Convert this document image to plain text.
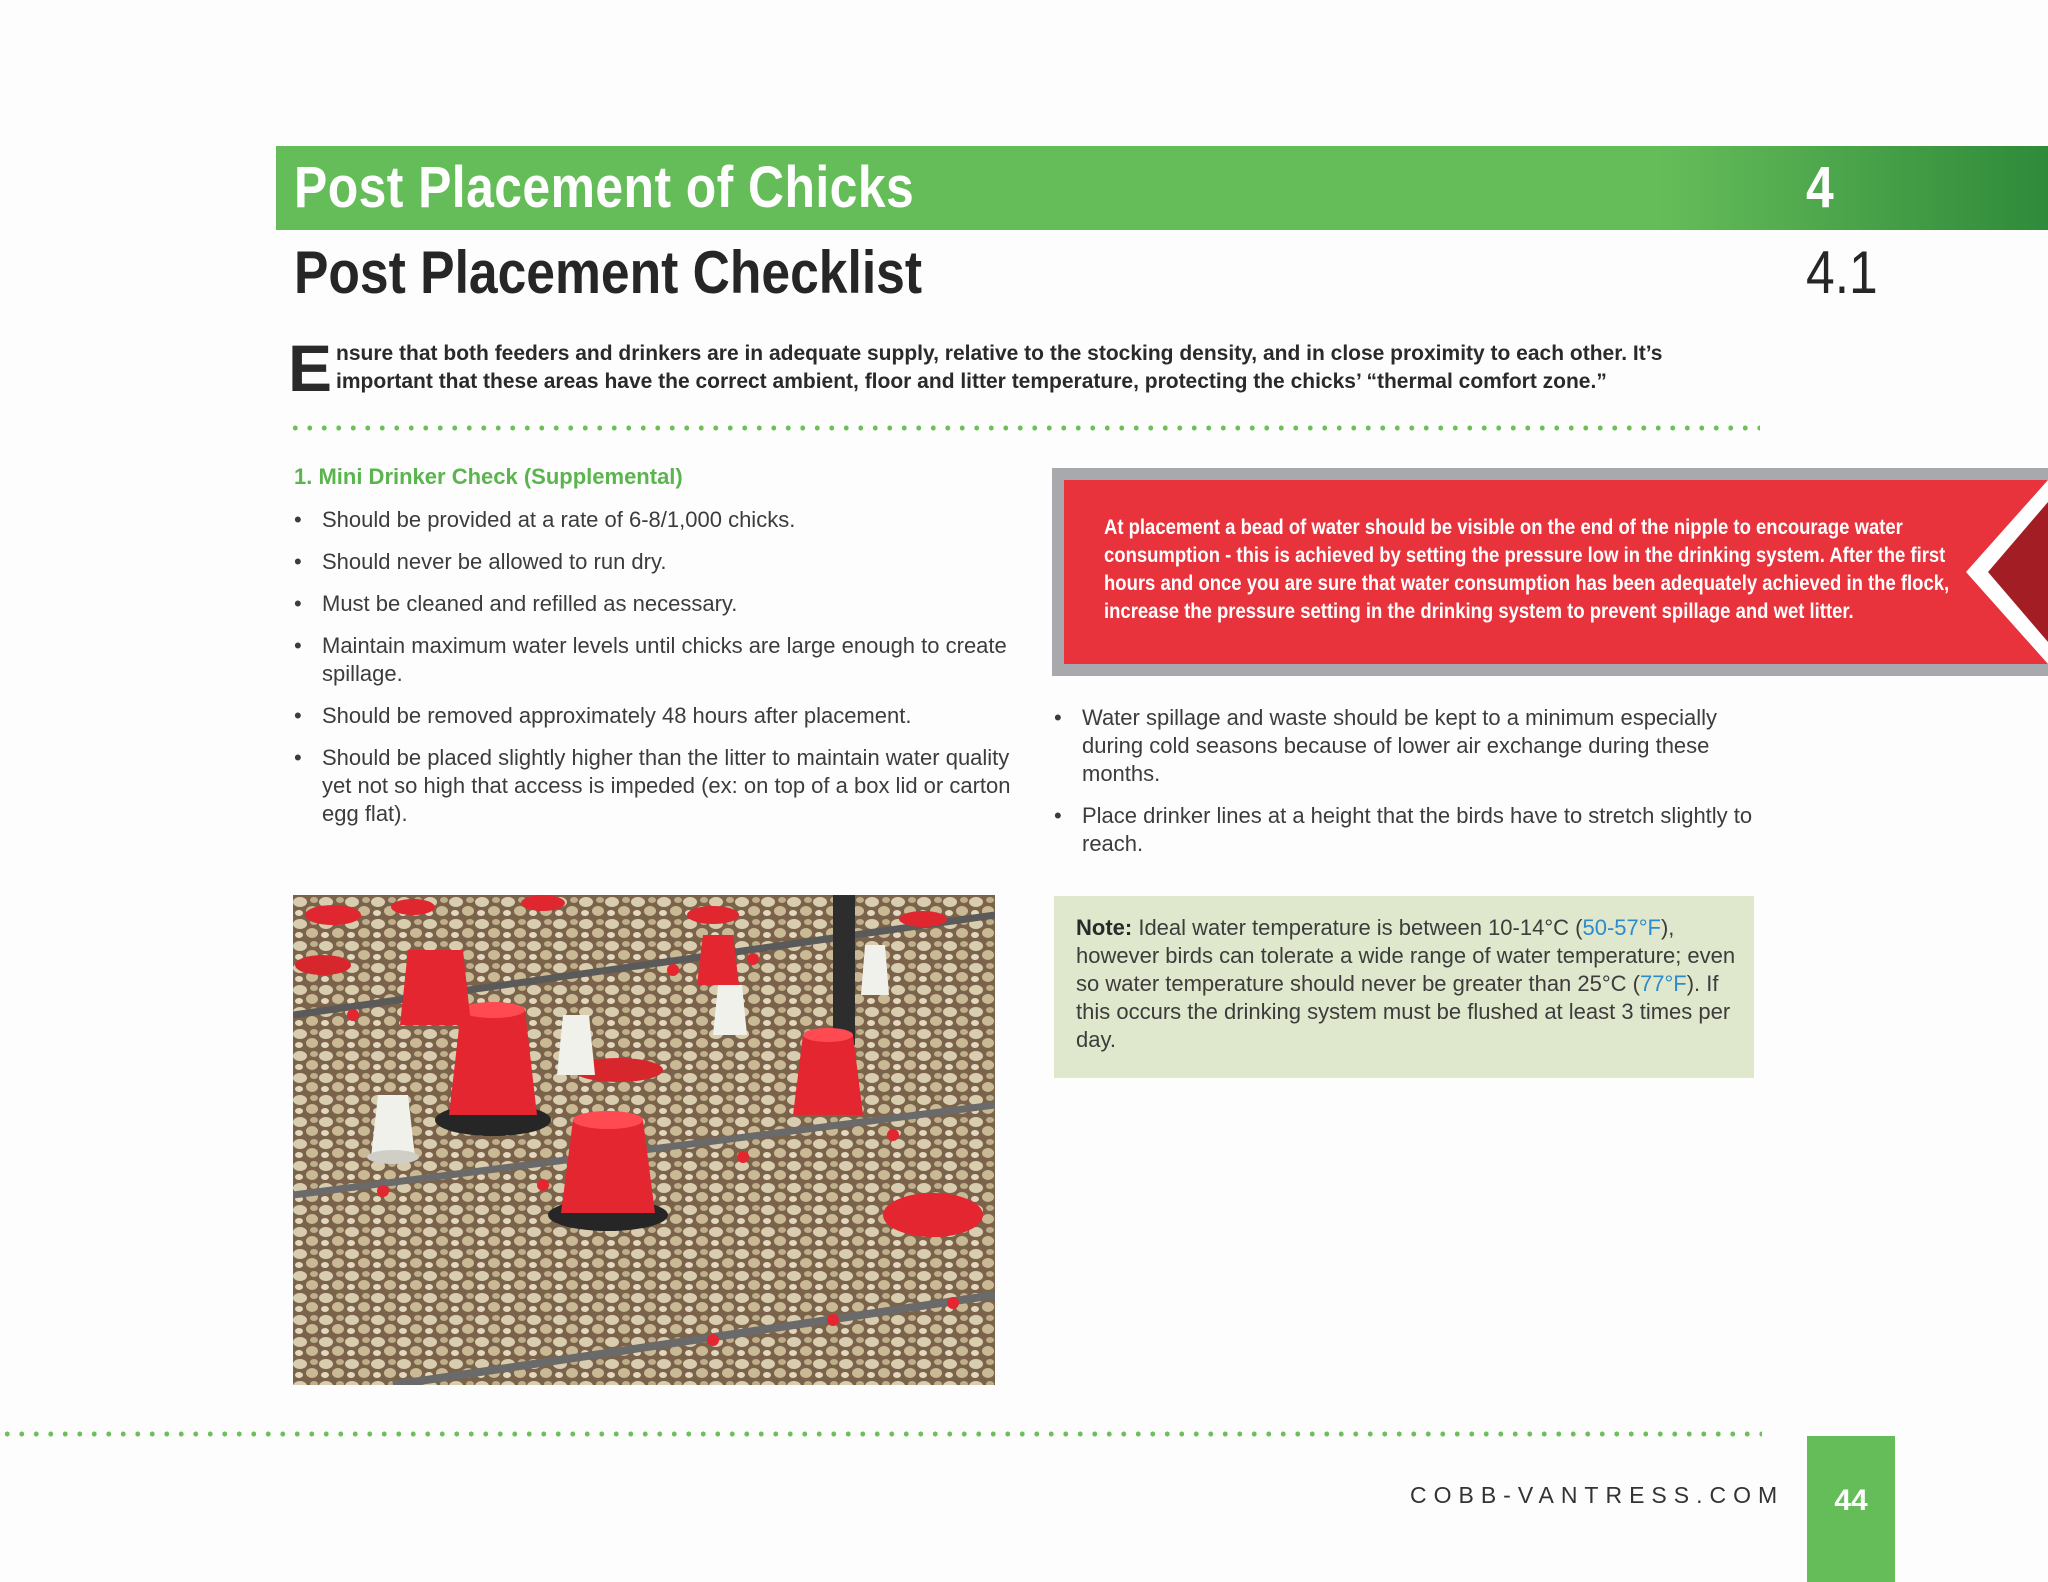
Post Placement of Chicks	4
Post Placement Checklist	4.1
E nsure that both feeders and drinkers are in adequate supply, relative to the stocking density, and in close proximity to each other. It’s important that these areas have the correct ambient, floor and litter temperature, protecting the chicks’ “thermal comfort zone.”
1. Mini Drinker Check (Supplemental)
• Should be provided at a rate of 6-8/1,000 chicks.
• Should never be allowed to run dry.
• Must be cleaned and refilled as necessary.
• Maintain maximum water levels until chicks are large enough to create spillage.
• Should be removed approximately 48 hours after placement.
• Should be placed slightly higher than the litter to maintain water quality yet not so high that access is impeded (ex: on top of a box lid or carton egg flat).
At placement a bead of water should be visible on the end of the nipple to encourage water consumption - this is achieved by setting the pressure low in the drinking system. After the first hours and once you are sure that water consumption has been adequately achieved in the flock, increase the pressure setting in the drinking system to prevent spillage and wet litter.
• Water spillage and waste should be kept to a minimum especially during cold seasons because of lower air exchange during these months.
• Place drinker lines at a height that the birds have to stretch slightly to reach.
Note: Ideal water temperature is between 10-14°C (50-57°F), however birds can tolerate a wide range of water temperature; even so water temperature should never be greater than 25°C (77°F). If this occurs the drinking system must be flushed at least 3 times per day.
COBB-VANTRESS.COM	44
